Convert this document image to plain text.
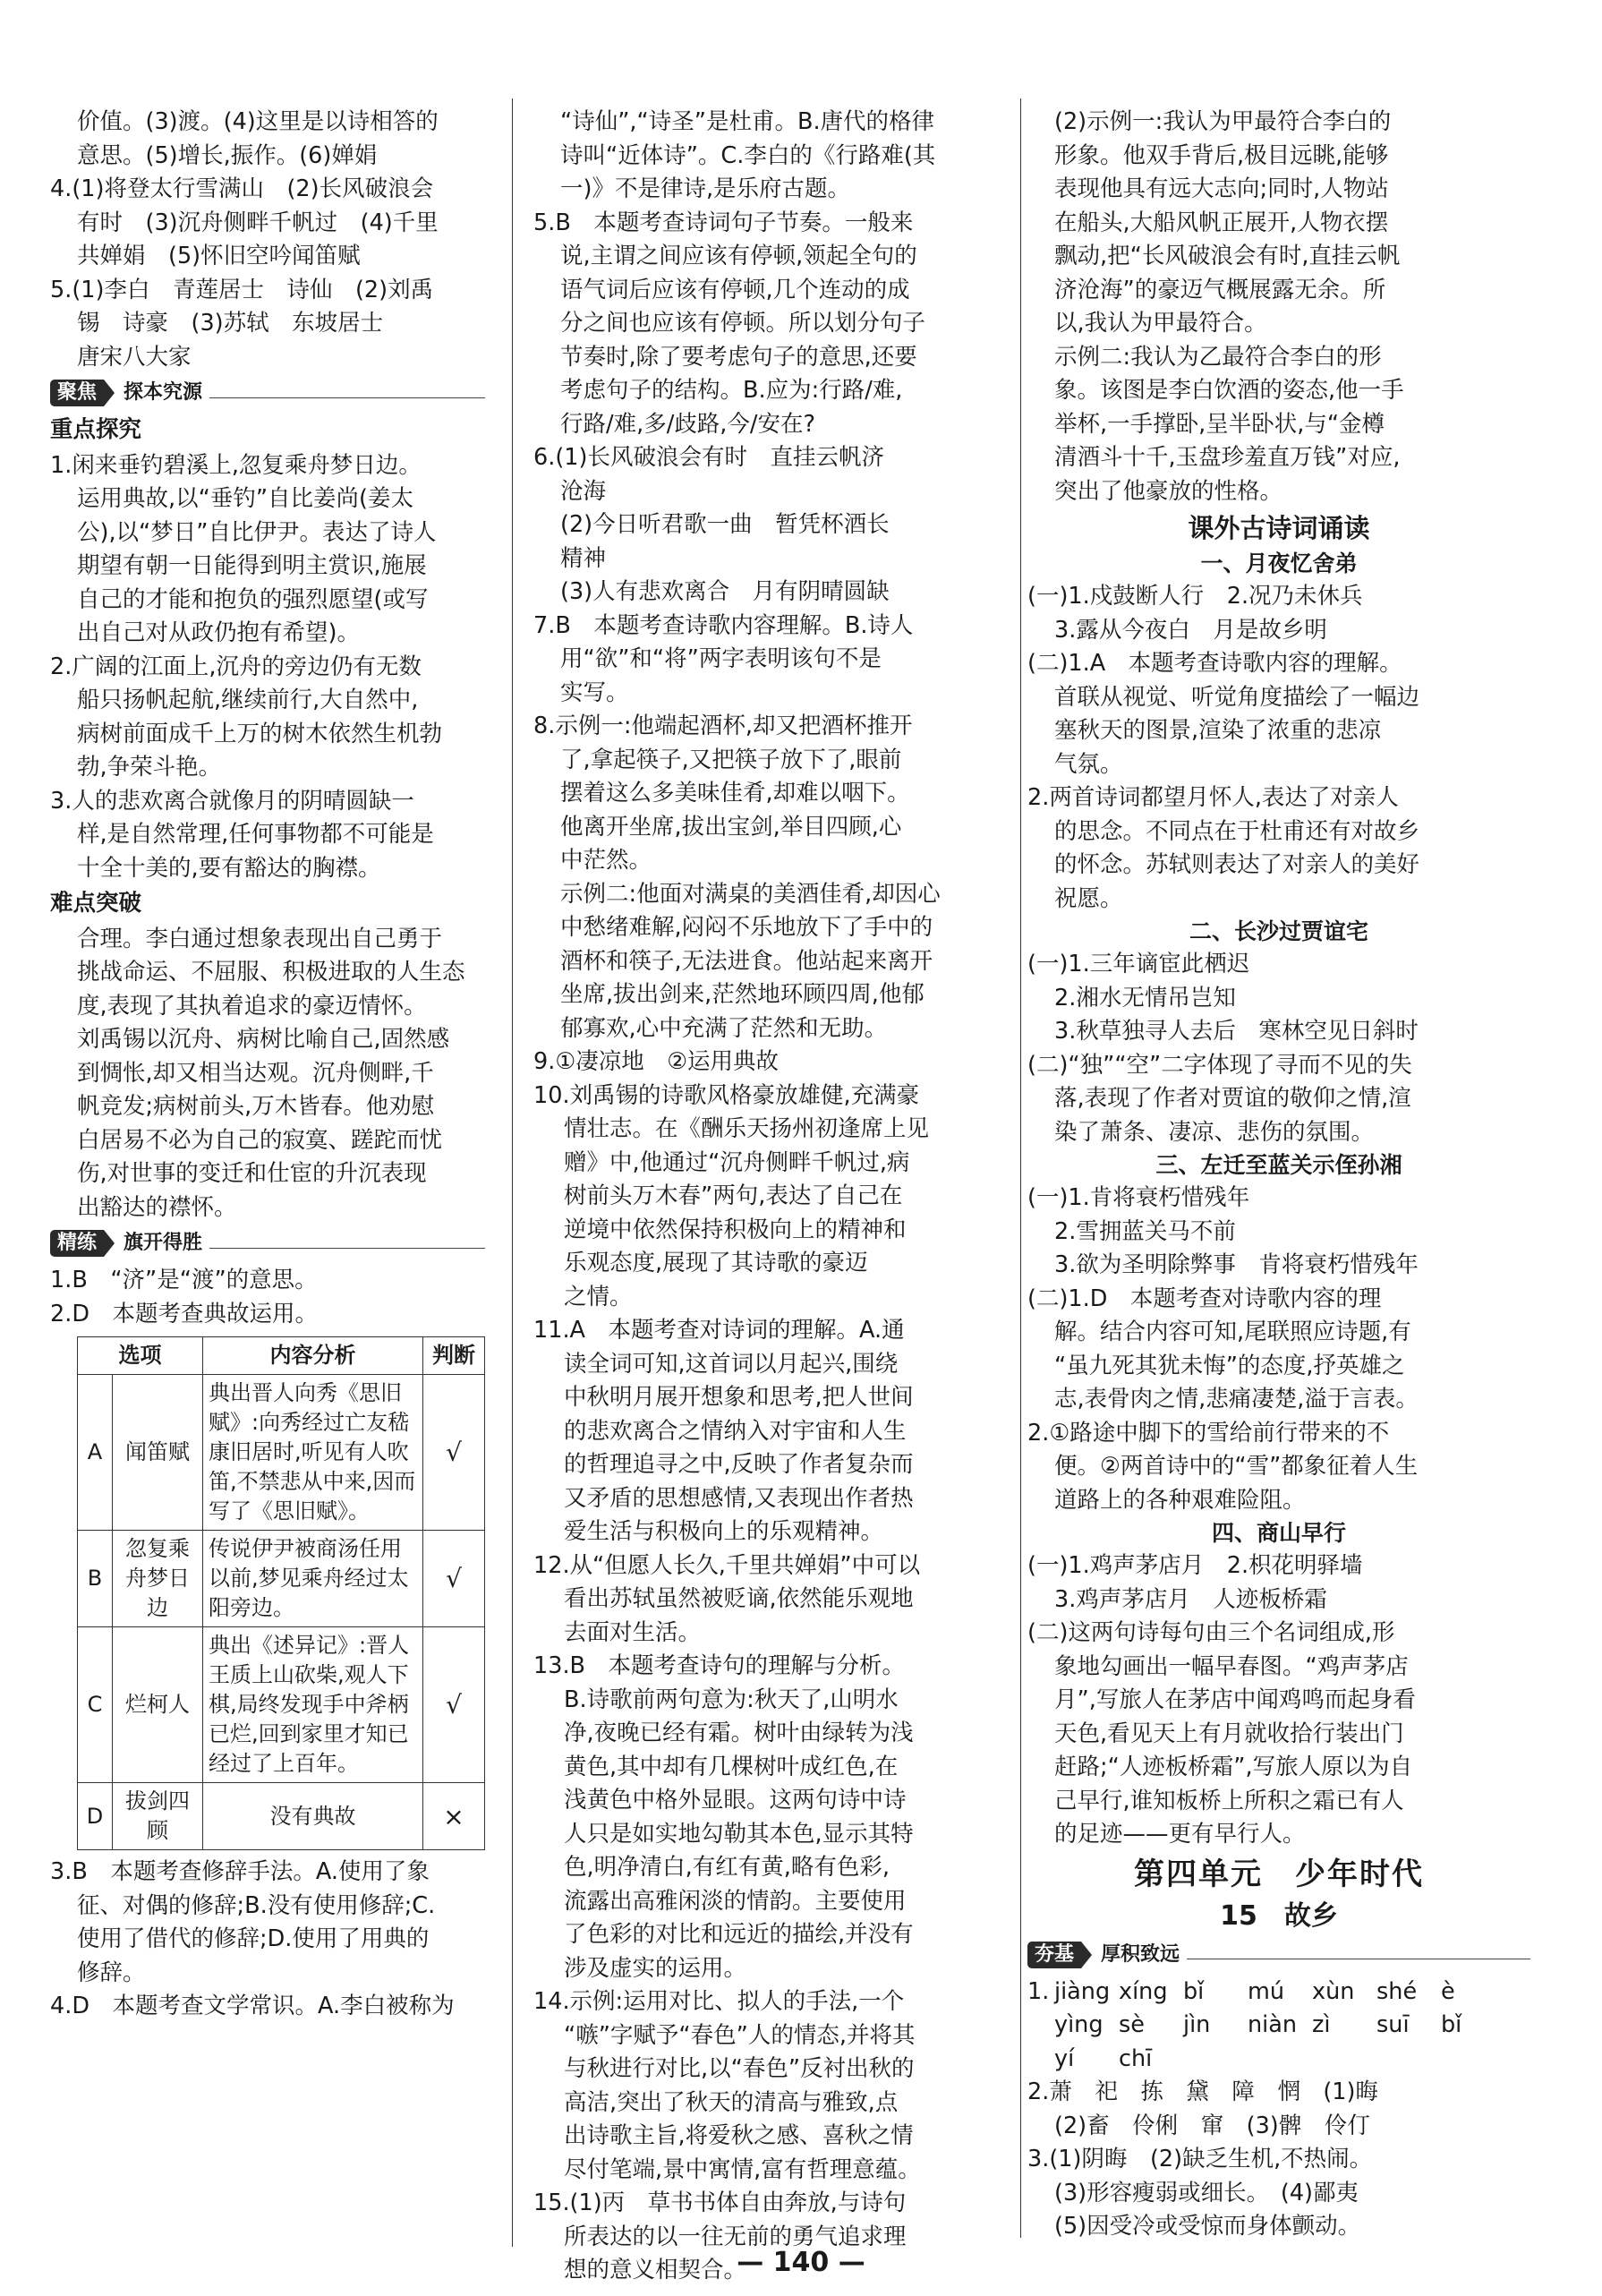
价值。(3)渡。(4)这里是以诗相答的

意思。(5)增长,振作。(6)婵娟

4.(1)将登太行雪满山　(2)长风破浪会
有时　(3)沉舟侧畔千帆过　(4)千里
共婵娟　(5)怀旧空吟闻笛赋

5.(1)李白　青莲居士　诗仙　(2)刘禹
锡　诗豪　(3)苏轼　东坡居士
唐宋八大家

聚焦	探本究源

重点探究

1.闲来垂钓碧溪上,忽复乘舟梦日边。
运用典故,以“垂钓”自比姜尚(姜太
公),以“梦日”自比伊尹。表达了诗人
期望有朝一日能得到明主赏识,施展
自己的才能和抱负的强烈愿望(或写
出自己对从政仍抱有希望)。

2.广阔的江面上,沉舟的旁边仍有无数
船只扬帆起航,继续前行,大自然中,
病树前面成千上万的树木依然生机勃
勃,争荣斗艳。

3.人的悲欢离合就像月的阴晴圆缺一
样,是自然常理,任何事物都不可能是
十全十美的,要有豁达的胸襟。

难点突破

合理。李白通过想象表现出自己勇于
挑战命运、不屈服、积极进取的人生态
度,表现了其执着追求的豪迈情怀。
刘禹锡以沉舟、病树比喻自己,固然感
到惆怅,却又相当达观。沉舟侧畔,千
帆竞发;病树前头,万木皆春。他劝慰
白居易不必为自己的寂寞、蹉跎而忧
伤,对世事的变迁和仕宦的升沉表现
出豁达的襟怀。

精练	旗开得胜

1.B　“济”是“渡”的意思。

2.D　本题考查典故运用。

选项		内容分析	判断
A	闻笛赋	典出晋人向秀《思旧赋》:向秀经过亡友嵇康旧居时,听见有人吹笛,不禁悲从中来,因而写了《思旧赋》。	√
B	忽复乘舟梦日边	传说伊尹被商汤任用以前,梦见乘舟经过太阳旁边。	√
C	烂柯人	典出《述异记》:晋人王质上山砍柴,观人下棋,局终发现手中斧柄已烂,回到家里才知已经过了上百年。	√
D	拔剑四顾	没有典故	×

3.B　本题考查修辞手法。A.使用了象
征、对偶的修辞;B.没有使用修辞;C.
使用了借代的修辞;D.使用了用典的
修辞。

4.D　本题考查文学常识。A.李白被称为

“诗仙”,“诗圣”是杜甫。B.唐代的格律
诗叫“近体诗”。C.李白的《行路难(其
一)》不是律诗,是乐府古题。

5.B　本题考查诗词句子节奏。一般来
说,主谓之间应该有停顿,领起全句的
语气词后应该有停顿,几个连动的成
分之间也应该有停顿。所以划分句子
节奏时,除了要考虑句子的意思,还要
考虑句子的结构。B.应为:行路/难,
行路/难,多/歧路,今/安在?

6.(1)长风破浪会有时　直挂云帆济
沧海
(2)今日听君歌一曲　暂凭杯酒长
精神
(3)人有悲欢离合　月有阴晴圆缺

7.B　本题考查诗歌内容理解。B.诗人
用“欲”和“将”两字表明该句不是
实写。

8.示例一:他端起酒杯,却又把酒杯推开
了,拿起筷子,又把筷子放下了,眼前
摆着这么多美味佳肴,却难以咽下。
他离开坐席,拔出宝剑,举目四顾,心
中茫然。
示例二:他面对满桌的美酒佳肴,却因心
中愁绪难解,闷闷不乐地放下了手中的
酒杯和筷子,无法进食。他站起来离开
坐席,拔出剑来,茫然地环顾四周,他郁
郁寡欢,心中充满了茫然和无助。

9.①凄凉地　②运用典故

10.刘禹锡的诗歌风格豪放雄健,充满豪
情壮志。在《酬乐天扬州初逢席上见
赠》中,他通过“沉舟侧畔千帆过,病
树前头万木春”两句,表达了自己在
逆境中依然保持积极向上的精神和
乐观态度,展现了其诗歌的豪迈
之情。

11.A　本题考查对诗词的理解。A.通
读全词可知,这首词以月起兴,围绕
中秋明月展开想象和思考,把人世间
的悲欢离合之情纳入对宇宙和人生
的哲理追寻之中,反映了作者复杂而
又矛盾的思想感情,又表现出作者热
爱生活与积极向上的乐观精神。

12.从“但愿人长久,千里共婵娟”中可以
看出苏轼虽然被贬谪,依然能乐观地
去面对生活。

13.B　本题考查诗句的理解与分析。
B.诗歌前两句意为:秋天了,山明水
净,夜晚已经有霜。树叶由绿转为浅
黄色,其中却有几棵树叶成红色,在
浅黄色中格外显眼。这两句诗中诗
人只是如实地勾勒其本色,显示其特
色,明净清白,有红有黄,略有色彩,
流露出高雅闲淡的情韵。主要使用
了色彩的对比和远近的描绘,并没有
涉及虚实的运用。

14.示例:运用对比、拟人的手法,一个
“嗾”字赋予“春色”人的情态,并将其
与秋进行对比,以“春色”反衬出秋的
高洁,突出了秋天的清高与雅致,点
出诗歌主旨,将爱秋之感、喜秋之情
尽付笔端,景中寓情,富有哲理意蕴。

15.(1)丙　草书书体自由奔放,与诗句
所表达的以一往无前的勇气追求理
想的意义相契合。

(2)示例一:我认为甲最符合李白的
形象。他双手背后,极目远眺,能够
表现他具有远大志向;同时,人物站
在船头,大船风帆正展开,人物衣摆
飘动,把“长风破浪会有时,直挂云帆
济沧海”的豪迈气概展露无余。所
以,我认为甲最符合。
示例二:我认为乙最符合李白的形
象。该图是李白饮酒的姿态,他一手
举杯,一手撑卧,呈半卧状,与“金樽
清酒斗十千,玉盘珍羞直万钱”对应,
突出了他豪放的性格。

课外古诗词诵读

一、月夜忆舍弟

(一)1.戍鼓断人行　2.况乃未休兵

3.露从今夜白　月是故乡明

(二)1.A　本题考查诗歌内容的理解。

首联从视觉、听觉角度描绘了一幅边
塞秋天的图景,渲染了浓重的悲凉
气氛。

2.两首诗词都望月怀人,表达了对亲人
的思念。不同点在于杜甫还有对故乡
的怀念。苏轼则表达了对亲人的美好
祝愿。

二、长沙过贾谊宅

(一)1.三年谪宦此栖迟

2.湘水无情吊岂知

3.秋草独寻人去后　寒林空见日斜时

(二)“独”“空”二字体现了寻而不见的失
落,表现了作者对贾谊的敬仰之情,渲
染了萧条、凄凉、悲伤的氛围。

三、左迁至蓝关示侄孙湘

(一)1.肯将衰朽惜残年

2.雪拥蓝关马不前

3.欲为圣明除弊事　肯将衰朽惜残年

(二)1.D　本题考查对诗歌内容的理

解。结合内容可知,尾联照应诗题,有
“虽九死其犹未悔”的态度,抒英雄之
志,表骨肉之情,悲痛凄楚,溢于言表。

2.①路途中脚下的雪给前行带来的不
便。②两首诗中的“雪”都象征着人生
道路上的各种艰难险阻。

四、商山早行

(一)1.鸡声茅店月　2.枳花明驿墙

3.鸡声茅店月　人迹板桥霜

(二)这两句诗每句由三个名词组成,形

象地勾画出一幅早春图。“鸡声茅店
月”,写旅人在茅店中闻鸡鸣而起身看
天色,看见天上有月就收拾行装出门
赶路;“人迹板桥霜”,写旅人原以为自
己早行,谁知板桥上所积之霜已有人
的足迹——更有早行人。

第四单元　少年时代

15　故乡

夯基	厚积致远
1. jiàng xíng bǐ	mú	xùn shé	è
yìng sè	jìn	niàn zì	suī	bǐ
yí	chī

2.萧　祀　拣　黛　障　惘　(1)晦
(2)畜　伶俐　窜　(3)髀　伶仃

3.(1)阴晦　(2)缺乏生机,不热闹。
(3)形容瘦弱或细长。　(4)鄙夷
(5)因受冷或受惊而身体颤动。

— 140 —
